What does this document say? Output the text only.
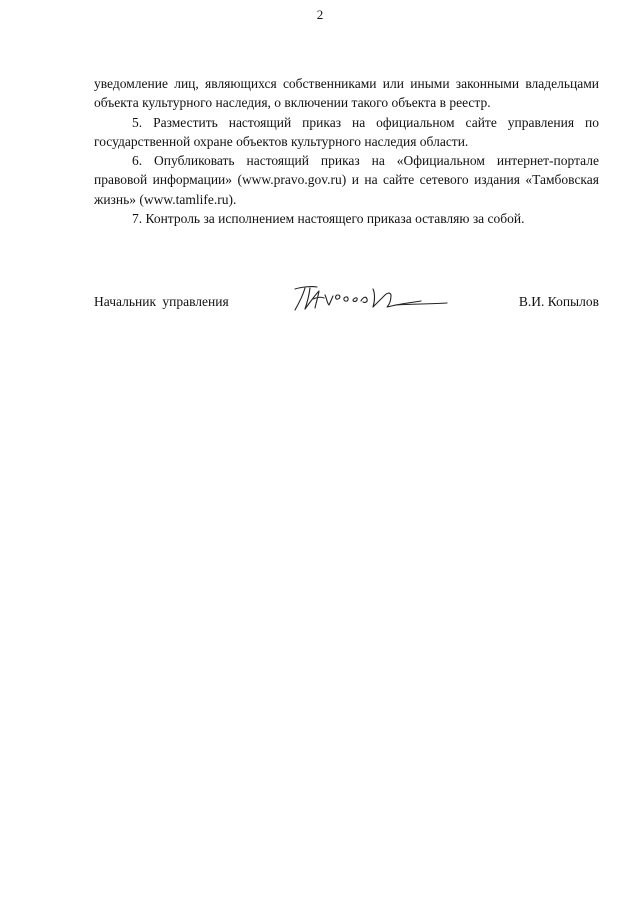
2

уведомление лиц, являющихся собственниками или иными законными владельцами объекта культурного наследия, о включении такого объекта в реестр.

5. Разместить настоящий приказ на официальном сайте управления по государственной охране объектов культурного наследия области.

6. Опубликовать настоящий приказ на «Официальном интернет-портале правовой информации» (www.pravo.gov.ru) и на сайте сетевого издания «Тамбовская жизнь» (www.tamlife.ru).

7. Контроль за исполнением настоящего приказа оставляю за собой.

Начальник управления	В.И. Копылов
